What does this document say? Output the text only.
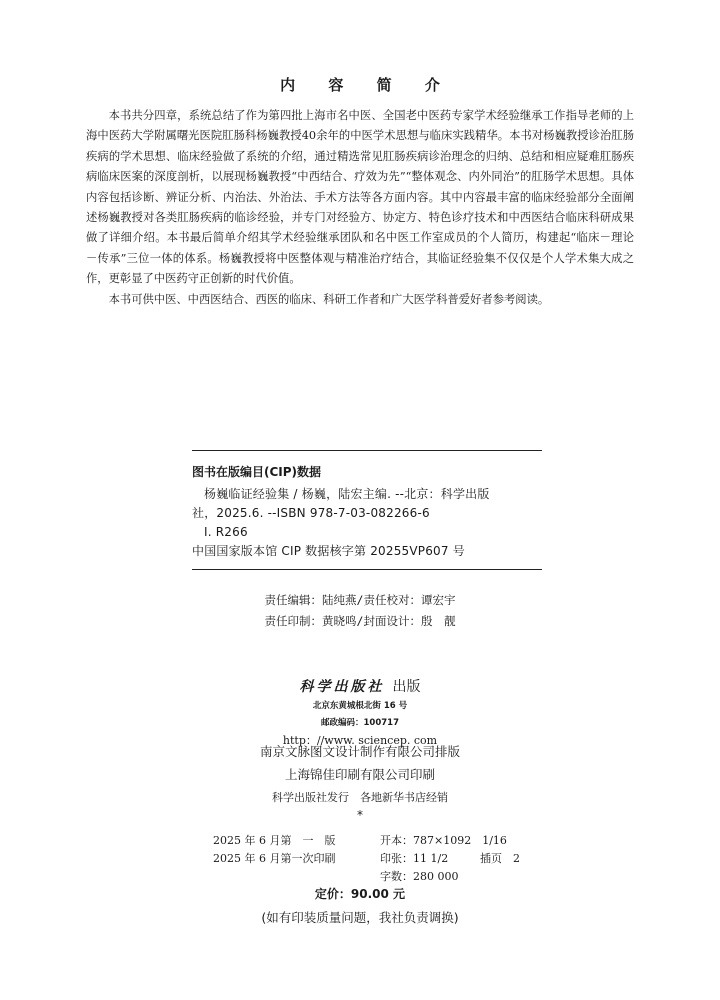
内 容 简 介

本书共分四章，系统总结了作为第四批上海市名中医、全国老中医药专家学术经验继承工作指导老师的上海中医药大学附属曙光医院肛肠科杨巍教授40余年的中医学术思想与临床实践精华。本书对杨巍教授诊治肛肠疾病的学术思想、临床经验做了系统的介绍，通过精选常见肛肠疾病诊治理念的归纳、总结和相应疑难肛肠疾病临床医案的深度剖析，以展现杨巍教授“中西结合、疗效为先”“整体观念、内外同治”的肛肠学术思想。具体内容包括诊断、辨证分析、内治法、外治法、手术方法等各方面内容。其中内容最丰富的临床经验部分全面阐述杨巍教授对各类肛肠疾病的临诊经验，并专门对经验方、协定方、特色诊疗技术和中西医结合临床科研成果做了详细介绍。本书最后简单介绍其学术经验继承团队和名中医工作室成员的个人简历，构建起“临床－理论－传承”三位一体的体系。杨巍教授将中医整体观与精准治疗结合，其临证经验集不仅仅是个人学术集大成之作，更彰显了中医药守正创新的时代价值。

本书可供中医、中西医结合、西医的临床、科研工作者和广大医学科普爱好者参考阅读。

图书在版编目(CIP)数据
杨巍临证经验集 / 杨巍，陆宏主编. --北京：科学出版
社，2025.6. --ISBN 978-7-03-082266-6
Ⅰ. R266
中国国家版本馆 CIP 数据核字第 20255VP607 号
责任编辑：陆纯燕/责任校对：谭宏宇
责任印制：黄晓鸣/封面设计：殷　靓
科学出版社 出版
北京东黄城根北街 16 号
邮政编码：100717
http：//www. sciencep. com
南京文脉图文设计制作有限公司排版
上海锦佳印刷有限公司印刷
科学出版社发行　各地新华书店经销
*
2025 年 6 月第　一　版	开本：787×1092　1/16
2025 年 6 月第一次印刷	印张：11 1/2	插页　2
字数：280 000
定价：90.00 元
(如有印装质量问题，我社负责调换)
